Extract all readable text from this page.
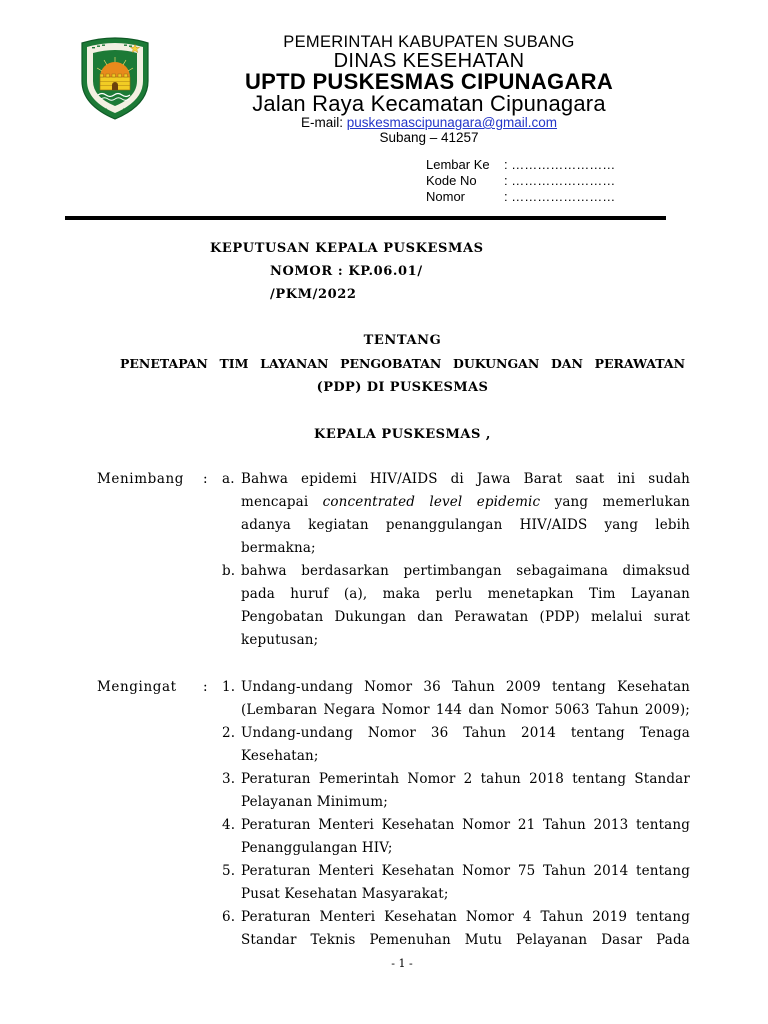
PEMERINTAH KABUPATEN SUBANG
DINAS KESEHATAN
UPTD PUSKESMAS CIPUNAGARA
Jalan Raya Kecamatan Cipunagara
E-mail: puskesmascipunagara@gmail.com
Subang – 41257
Lembar Ke : ……………………
Kode No : ……………………
Nomor	: ……………………
KEPUTUSAN KEPALA PUSKESMAS
NOMOR : KP.06.01/
/PKM/2022
TENTANG
PENETAPAN TIM LAYANAN PENGOBATAN DUKUNGAN DAN PERAWATAN
(PDP) DI PUSKESMAS
KEPALA PUSKESMAS ,
Menimbang : a. Bahwa epidemi HIV/AIDS di Jawa Barat saat ini sudah
mencapai concentrated level epidemic yang memerlukan
adanya kegiatan penanggulangan HIV/AIDS yang lebih
bermakna;
b. bahwa berdasarkan pertimbangan sebagaimana dimaksud
pada huruf (a), maka perlu menetapkan Tim Layanan
Pengobatan Dukungan dan Perawatan (PDP) melalui surat
keputusan;
Mengingat : 1. Undang-undang Nomor 36 Tahun 2009 tentang Kesehatan
(Lembaran Negara Nomor 144 dan Nomor 5063 Tahun 2009);
2. Undang-undang Nomor 36 Tahun 2014 tentang Tenaga
Kesehatan;
3. Peraturan Pemerintah Nomor 2 tahun 2018 tentang Standar
Pelayanan Minimum;
4. Peraturan Menteri Kesehatan Nomor 21 Tahun 2013 tentang
Penanggulangan HIV;
5. Peraturan Menteri Kesehatan Nomor 75 Tahun 2014 tentang
Pusat Kesehatan Masyarakat;
6. Peraturan Menteri Kesehatan Nomor 4 Tahun 2019 tentang
Standar Teknis Pemenuhan Mutu Pelayanan Dasar Pada
- 1 -
